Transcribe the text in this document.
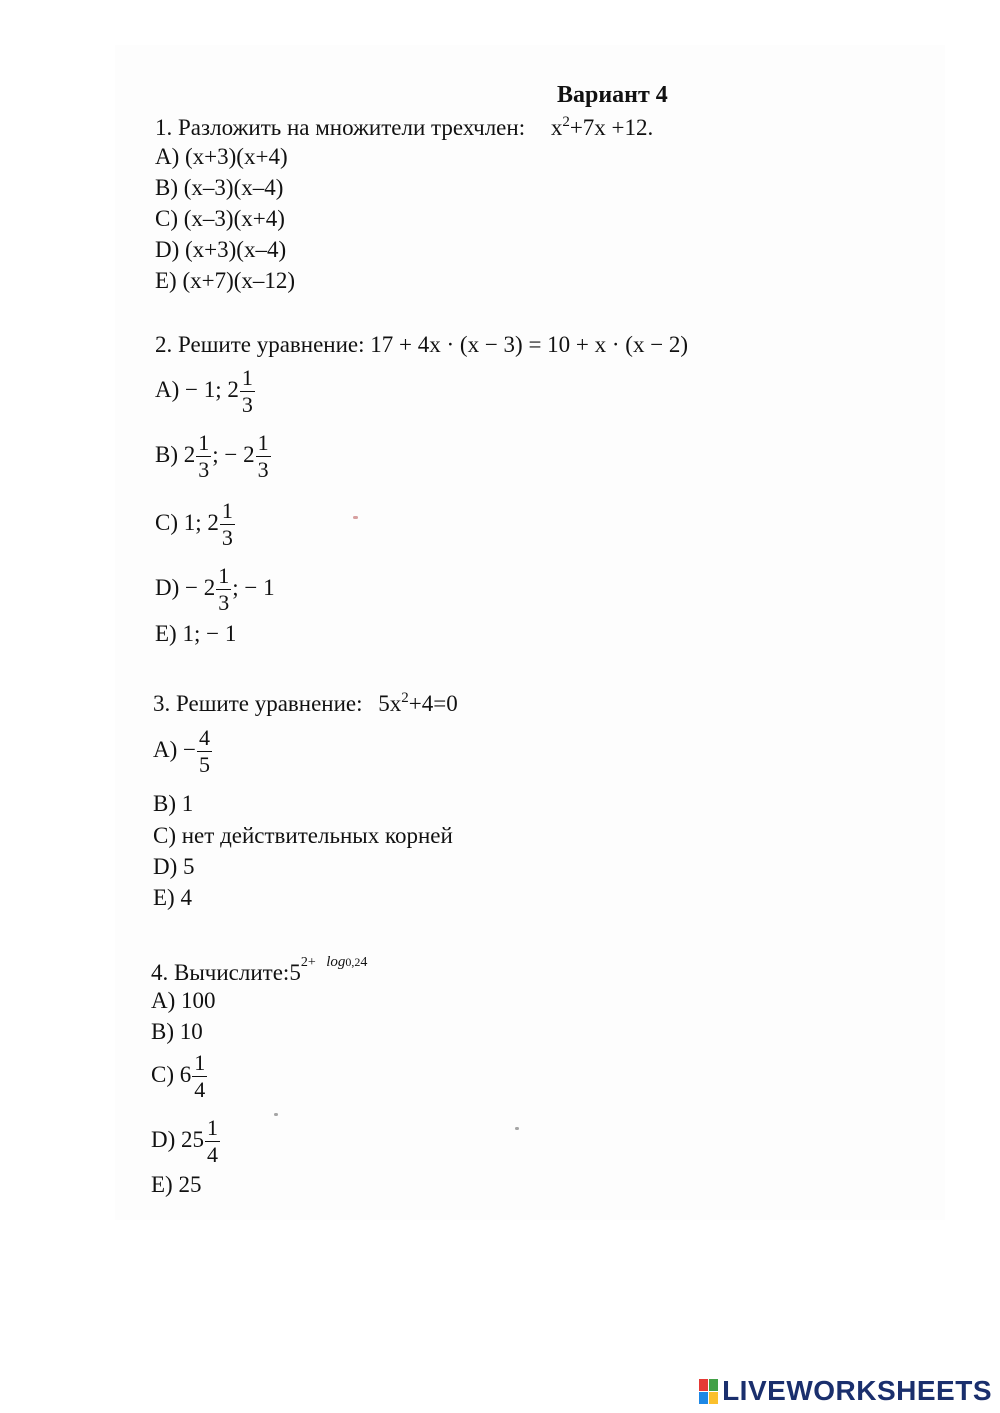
Вариант 4
1. Разложить на множители трехчлен: $x^2+7x +12$.
A) (x+3)(x+4)
B) (x–3)(x–4)
C) (x–3)(x+4)
D) (x+3)(x–4)
E) (x+7)(x–12)
2. Решите уравнение: 17 + 4x · (x − 3) = 10 + x · (x − 2)
A) − 1; $2 \frac{1}{3}$
B) $2 \frac{1}{3}$ ; − $2 \frac{1}{3}$
C) 1; $2 \frac{1}{3}$
$D) - 2 \frac{1}{3}$ ; − 1
E) 1; − 1
3. Решите уравнение: $5x^2+4=0$
$A) - \frac{4}{5}$
B) 1
C) нет действительных корней
D) 5
E) 4
4. $Вычислите:5^{2+ log0,24}$
A) 100
B) 10
C) $6 \frac{1}{4}$
D) $25 \frac{1}{4}$
E) 25
LIVEWORKSHEETS
